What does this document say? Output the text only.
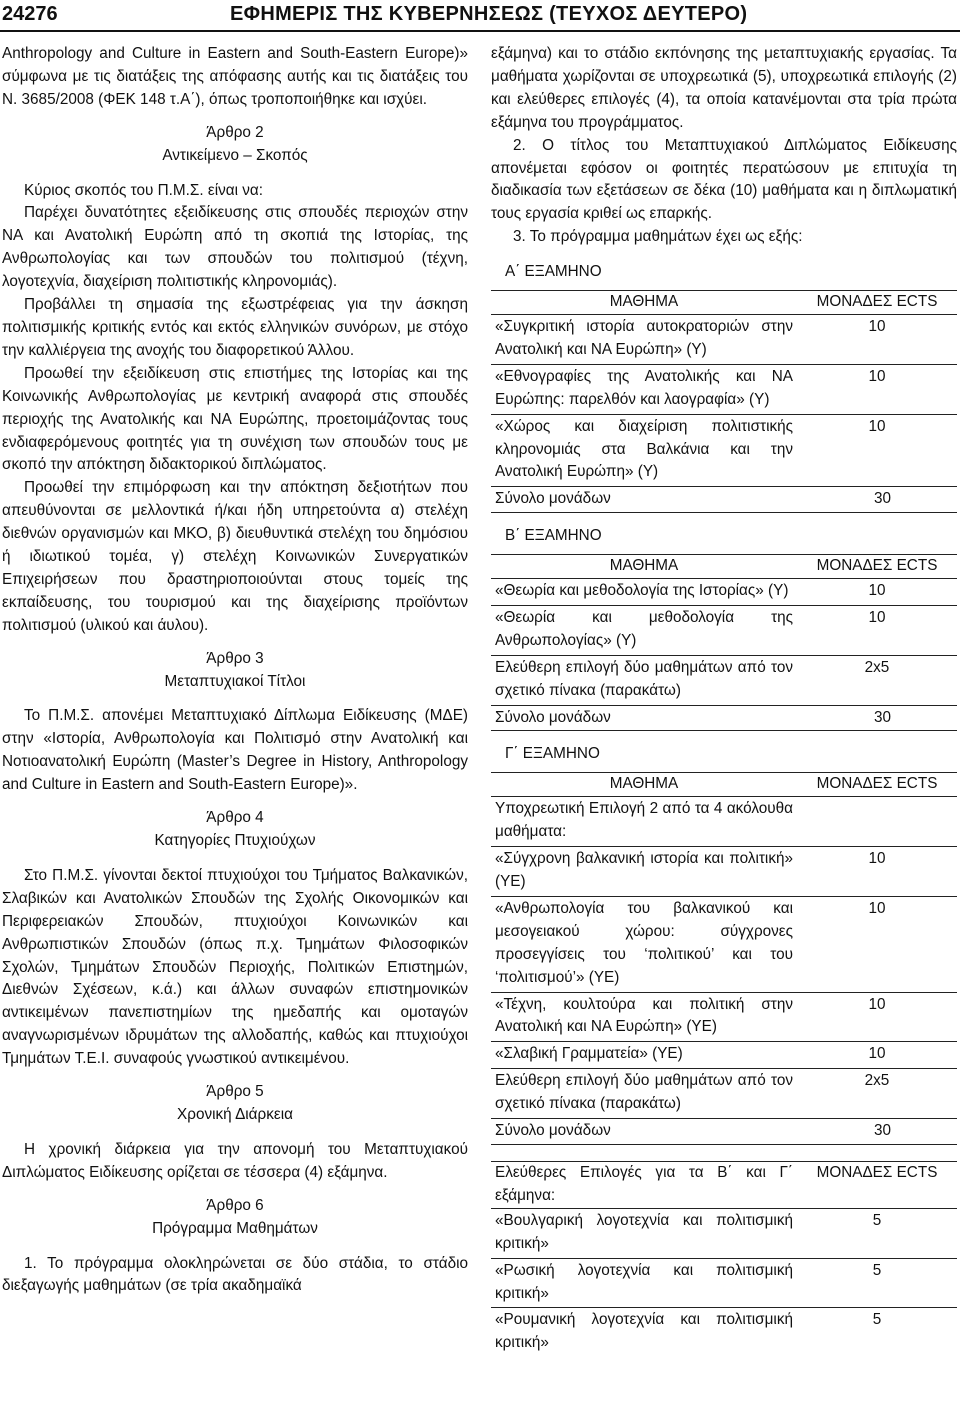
24276	ΕΦΗΜΕΡΙΣ ΤΗΣ ΚΥΒΕΡΝΗΣΕΩΣ (ΤΕΥΧΟΣ ΔΕΥΤΕΡΟ)

Anthropology and Culture in Eastern and South-Eastern Europe)» σύμφωνα με τις διατάξεις της απόφασης αυτής και τις διατάξεις του Ν. 3685/2008 (ΦΕΚ 148 τ.Α΄), όπως τροποποιήθηκε και ισχύει.

Άρθρο 2
Αντικείμενο – Σκοπός

Κύριος σκοπός του Π.Μ.Σ. είναι να:

Παρέχει δυνατότητες εξειδίκευσης στις σπουδές περιοχών στην ΝΑ και Ανατολική Ευρώπη από τη σκοπιά της Ιστορίας, της Ανθρωπολογίας και των σπουδών του πολιτισμού (τέχνη, λογοτεχνία, διαχείριση πολιτιστικής κληρονομιάς).

Προβάλλει τη σημασία της εξωστρέφειας για την άσκηση πολιτισμικής κριτικής εντός και εκτός ελληνικών συνόρων, με στόχο την καλλιέργεια της ανοχής του διαφορετικού Άλλου.

Προωθεί την εξειδίκευση στις επιστήμες της Ιστορίας και της Κοινωνικής Ανθρωπολογίας με κεντρική αναφορά στις σπουδές περιοχής της Ανατολικής και ΝΑ Ευρώπης, προετοιμάζοντας τους ενδιαφερόμενους φοιτητές για τη συνέχιση των σπουδών τους με σκοπό την απόκτηση διδακτορικού διπλώματος.

Προωθεί την επιμόρφωση και την απόκτηση δεξιοτήτων που απευθύνονται σε μελλοντικά ή/και ήδη υπηρετούντα α) στελέχη διεθνών οργανισμών και ΜΚΟ, β) διευθυντικά στελέχη του δημόσιου ή ιδιωτικού τομέα, γ) στελέχη Κοινωνικών Συνεργατικών Επιχειρήσεων που δραστηριοποιούνται στους τομείς της εκπαίδευσης, του τουρισμού και της διαχείρισης προϊόντων πολιτισμού (υλικού και άυλου).

Άρθρο 3
Μεταπτυχιακοί Τίτλοι

Το Π.Μ.Σ. απονέμει Μεταπτυχιακό Δίπλωμα Ειδίκευσης (ΜΔΕ) στην «Ιστορία, Ανθρωπολογία και Πολιτισμό στην Ανατολική και Νοτιοανατολική Ευρώπη (Master’s Degree in History, Anthropology and Culture in Eastern and South-Eastern Europe)».

Άρθρο 4
Κατηγορίες Πτυχιούχων

Στο Π.Μ.Σ. γίνονται δεκτοί πτυχιούχοι του Τμήματος Βαλκανικών, Σλαβικών και Ανατολικών Σπουδών της Σχολής Οικονομικών και Περιφερειακών Σπουδών, πτυχιούχοι Κοινωνικών και Ανθρωπιστικών Σπουδών (όπως π.χ. Τμημάτων Φιλοσοφικών Σχολών, Τμημάτων Σπουδών Περιοχής, Πολιτικών Επιστημών, Διεθνών Σχέσεων, κ.ά.) και άλλων συναφών επιστημονικών αντικειμένων πανεπιστημίων της ημεδαπής και ομοταγών αναγνωρισμένων ιδρυμάτων της αλλοδαπής, καθώς και πτυχιούχοι Τμημάτων Τ.Ε.Ι. συναφούς γνωστικού αντικειμένου.

Άρθρο 5
Χρονική Διάρκεια

Η χρονική διάρκεια για την απονομή του Μεταπτυχιακού Διπλώματος Ειδίκευσης ορίζεται σε τέσσερα (4) εξάμηνα.

Άρθρο 6
Πρόγραμμα Μαθημάτων

1. Το πρόγραμμα ολοκληρώνεται σε δύο στάδια, το στάδιο διεξαγωγής μαθημάτων (σε τρία ακαδημαϊκά

εξάμηνα) και το στάδιο εκπόνησης της μεταπτυχιακής εργασίας. Τα μαθήματα χωρίζονται σε υποχρεωτικά (5), υποχρεωτικά επιλογής (2) και ελεύθερες επιλογές (4), τα οποία κατανέμονται στα τρία πρώτα εξάμηνα του προγράμματος.

2. Ο τίτλος του Μεταπτυχιακού Διπλώματος Ειδίκευσης απονέμεται εφόσον οι φοιτητές περατώσουν με επιτυχία τη διαδικασία των εξετάσεων σε δέκα (10) μαθήματα και η διπλωματική τους εργασία κριθεί ως επαρκής.

3. Το πρόγραμμα μαθημάτων έχει ως εξής:

Α΄ ΕΞΑΜΗΝΟ
ΜΑΘΗΜΑ	ΜΟΝΑΔΕΣ ECTS
«Συγκριτική ιστορία αυτοκρατοριών στην Ανατολική και ΝΑ Ευρώπη» (Υ)	10
«Εθνογραφίες της Ανατολικής και ΝΑ Ευρώπης: παρελθόν και λαογραφία» (Υ)	10
«Χώρος και διαχείριση πολιτιστικής κληρονομιάς στα Βαλκάνια και την Ανατολική Ευρώπη» (Υ)	10
Σύνολο μονάδων	30
Β΄ ΕΞΑΜΗΝΟ
ΜΑΘΗΜΑ	ΜΟΝΑΔΕΣ ECTS
«Θεωρία και μεθοδολογία της Ιστορίας» (Υ)	10
«Θεωρία και μεθοδολογία της Ανθρωπολογίας» (Υ)	10
Ελεύθερη επιλογή δύο μαθημάτων από τον σχετικό πίνακα (παρακάτω)	2x5
Σύνολο μονάδων	30
Γ΄ ΕΞΑΜΗΝΟ
ΜΑΘΗΜΑ	ΜΟΝΑΔΕΣ ECTS
Υποχρεωτική Επιλογή 2 από τα 4 ακόλουθα μαθήματα:	
«Σύγχρονη βαλκανική ιστορία και πολιτική» (ΥΕ)	10
«Ανθρωπολογία του βαλκανικού και μεσογειακού χώρου: σύγχρονες προσεγγίσεις του ‘πολιτικού’ και του ‘πολιτισμού’» (ΥΕ)	10
«Τέχνη, κουλτούρα και πολιτική στην Ανατολική και ΝΑ Ευρώπη» (ΥΕ)	10
«Σλαβική Γραμματεία» (ΥΕ)	10
Ελεύθερη επιλογή δύο μαθημάτων από τον σχετικό πίνακα (παρακάτω)	2x5
Σύνολο μονάδων	30
Ελεύθερες Επιλογές για τα Β΄ και Γ΄ εξάμηνα:	ΜΟΝΑΔΕΣ ECTS
«Βουλγαρική λογοτεχνία και πολιτισμική κριτική»	5
«Ρωσική λογοτεχνία και πολιτισμική κριτική»	5
«Ρουμανική λογοτεχνία και πολιτισμική κριτική»	5
